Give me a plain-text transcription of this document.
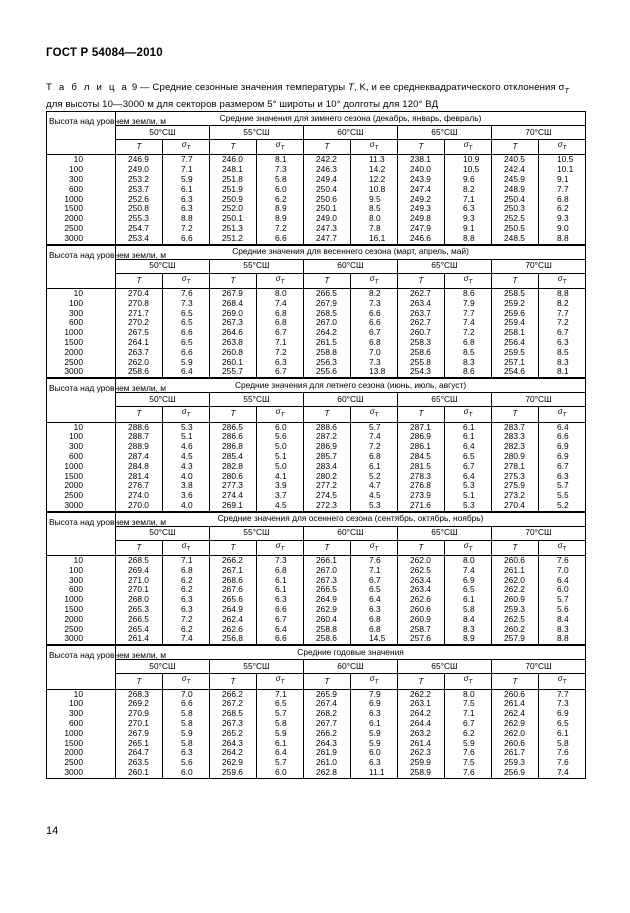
ГОСТ Р 54084—2010
Т а б л и ц а 9 — Средние сезонные значения температуры T, K, и ее среднеквадратического отклонения $\sigma_T$ для высоты 10—3000 м для секторов размером 5° широты и 10° долготы для 120° ВД
Высота над уровнем земли, м	Средние значения для зимнего сезона (декабрь, январь, февраль)									
	50°СШ		55°СШ		60°СШ		65°СШ		70°СШ	
	T	$\sigma_T$	T	$\sigma_T$	T	$\sigma_T$	T	$\sigma_T$	T	$\sigma_T$
10	246.9	7.7	246.0	8.1	242.2	11.3	238.1	10.9	240.5	10.5
100	249.0	7.1	248.1	7.3	246.3	14.2	240.0	10.5	242.4	10.1
300	253.2	5.9	251.8	5.8	249.4	12.2	243.9	9.6	245.9	9.1
600	253.7	6.1	251.9	6.0	250.4	10.8	247.4	8.2	248.9	7.7
1000	252.6	6.3	250.9	6.2	250.6	9.5	249.2	7.1	250.4	6.8
1500	250.8	6.3	252.0	8.9	250.1	8.5	249.3	6.3	250.3	6.2
2000	255.3	8.8	250.1	8.9	249.0	8.0	249.8	9.3	252.5	9.3
2500	254.7	7.2	251.3	7.2	247.3	7.8	247.9	9.1	250.5	9.0
3000	253.4	6.6	251.2	6.6	247.7	16.1	246.6	8.8	248.5	8.8
Высота над уровнем земли, м	Средние значения для весеннего сезона (март, апрель, май)									
	50°СШ		55°СШ		60°СШ		65°СШ		70°СШ	
	T	$\sigma_T$	T	$\sigma_T$	T	$\sigma_T$	T	$\sigma_T$	T	$\sigma_T$
10	270.4	7.6	267.9	8.0	266.5	8.2	262.7	8.6	258.5	8.8
100	270.8	7.3	268.4	7.4	267.9	7.3	263.4	7.9	259.2	8.2
300	271.7	6.5	269.0	6.8	268.5	6.6	263.7	7.7	259.6	7.7
600	270.2	6.5	267.3	6.8	267.0	6.6	262.7	7.4	259.4	7.2
1000	267.5	6.6	264.6	6.7	264.2	6.7	260.7	7.2	258.1	6.7
1500	264.1	6.5	263.8	7.1	261.5	6.8	258.3	6.8	256.4	6.3
2000	263.7	6.6	260.8	7.2	258.8	7.0	258.6	8.5	259.5	8.5
2500	262.0	5.9	260.1	6.3	256.3	7.3	255.8	8.3	257.1	8.3
3000	258.6	6.4	255.7	6.7	255.6	13.8	254.3	8.6	254.6	8.1
Высота над уровнем земли, м	Средние значения для летнего сезона (июнь, июль, август)									
	50°СШ		55°СШ		60°СШ		65°СШ		70°СШ	
	T	$\sigma_T$	T	$\sigma_T$	T	$\sigma_T$	T	$\sigma_T$	T	$\sigma_T$
10	288.6	5.3	286.5	6.0	288.6	5.7	287.1	6.1	283.7	6.4
100	288.7	5.1	286.6	5.6	287.2	7.4	286.9	6.1	283.3	6.6
300	288.9	4.6	286.8	5.0	286.9	7.2	286.1	6.4	282.3	6.9
600	287.4	4.5	285.4	5.1	285.7	6.8	284.5	6.5	280.9	6.9
1000	284.8	4.3	282.8	5.0	283.4	6.1	281.5	6.7	278.1	6.7
1500	281.4	4.0	280.6	4.1	280.2	5.2	278.3	6.4	275.3	6.3
2000	276.7	3.8	277.3	3.9	277.2	4.7	276.8	5.3	275.9	5.7
2500	274.0	3.6	274.4	3.7	274.5	4.5	273.9	5.1	273.2	5.5
3000	270.0	4.0	269.1	4.5	272.3	5.3	271.6	5.3	270.4	5.2
Высота над уровнем земли, м	Средние значения для осеннего сезона (сентябрь, октябрь, ноябрь)									
	50°СШ		55°СШ		60°СШ		65°СШ		70°СШ	
	T	$\sigma_T$	T	$\sigma_T$	T	$\sigma_T$	T	$\sigma_T$	T	$\sigma_T$
10	268.5	7.1	266.2	7.3	266.1	7.6	262.0	8.0	260.6	7.6
100	269.4	6.8	267.1	6.8	267.0	7.1	262.5	7.4	261.1	7.0
300	271.0	6.2	268.6	6.1	267.3	6.7	263.4	6.9	262.0	6.4
600	270.1	6.2	267.6	6.1	266.5	6.5	263.4	6.5	262.2	6.0
1000	268.0	6.3	265.6	6.3	264.9	6.4	262.6	6.1	260.9	5.7
1500	265.3	6.3	264.9	6.6	262.9	6.3	260.6	5.8	259.3	5.6
2000	266.5	7.2	262.4	6.7	260.4	6.8	260.9	8.4	262.5	8.4
2500	265.4	6.2	262.6	6.4	258.8	6.8	258.7	8.3	260.2	8.3
3000	261.4	7.4	256.8	6.6	258.6	14.5	257.6	8.9	257.9	8.8
Высота над уровнем земли, м	Средние годовые значения									
	50°СШ		55°СШ		60°СШ		65°СШ		70°СШ	
	T	$\sigma_T$	T	$\sigma_T$	T	$\sigma_T$	T	$\sigma_T$	T	$\sigma_T$
10	268.3	7.0	266.2	7.1	265.9	7.9	262.2	8.0	260.6	7.7
100	269.2	6.6	267.2	6.5	267.4	6.9	263.1	7.5	261.4	7.3
300	270.9	5.8	268.5	5.7	268.2	6.3	264.2	7.1	262.4	6.9
600	270.1	5.8	267.3	5.8	267.7	6.1	264.4	6.7	262.9	6.5
1000	267.9	5.9	265.2	5.9	266.2	5.9	263.2	6.2	262.0	6.1
1500	265.1	5.8	264.3	6.1	264.3	5.9	261.4	5.9	260.6	5.8
2000	264.7	6.3	264.2	6.4	261.9	6.0	262.3	7.6	261.7	7.6
2500	263.5	5.6	262.9	5.7	261.0	6.3	259.9	7.5	259.3	7.6
3000	260.1	6.0	259.6	6.0	262.8	11.1	258.9	7.6	256.9	7.4
14
